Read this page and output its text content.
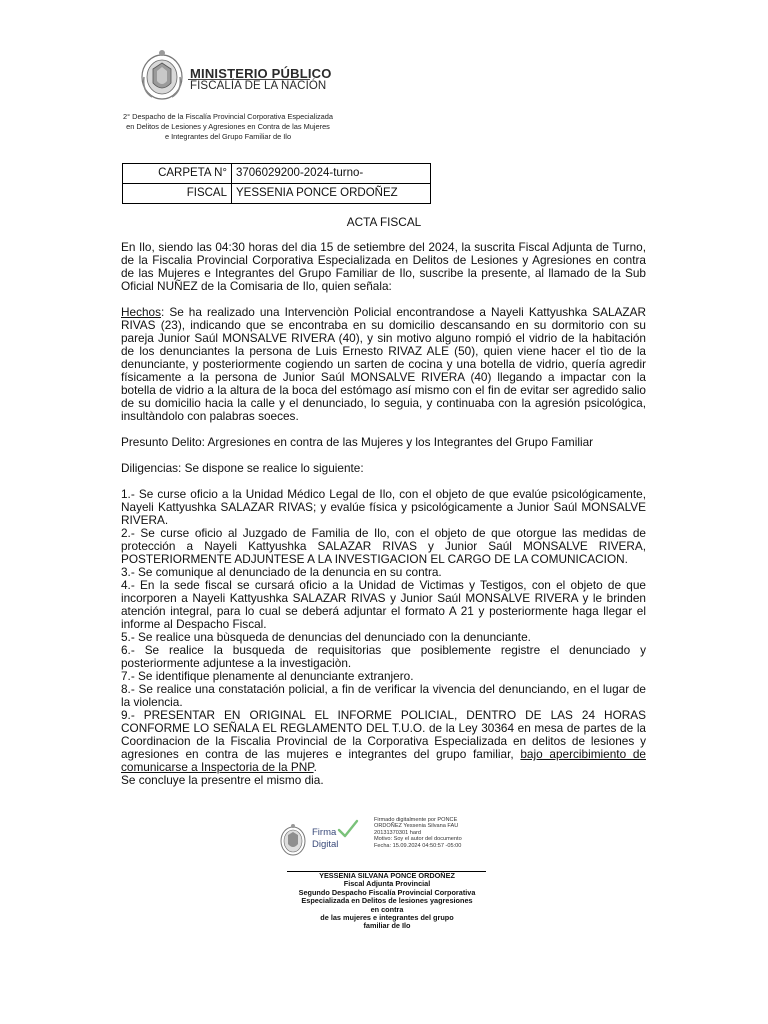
MINISTERIO PÚBLICO
FISCALÍA DE LA NACIÓN
2° Despacho de la Fiscalía Provincial Corporativa Especializada
en Delitos de Lesiones y Agresiones en Contra de las Mujeres
e Integrantes del Grupo Familiar de Ilo
CARPETA N°	3706029200-2024-turno-
FISCAL	YESSENIA PONCE ORDOÑEZ
ACTA FISCAL

En Ilo, siendo las 04:30 horas del dia 15 de setiembre del 2024, la suscrita Fiscal Adjunta de Turno, de la Fiscalia Provincial Corporativa Especializada en Delitos de Lesiones y Agresiones en contra de las Mujeres e Integrantes del Grupo Familiar de Ilo, suscribe la presente, al llamado de la Sub Oficial NUÑEZ de la Comisaria de Ilo, quien señala:

Hechos: Se ha realizado una Intervenciòn Policial encontrandose a Nayeli Kattyushka SALAZAR RIVAS (23), indicando que se encontraba en su domicilio descansando en su dormitorio con su pareja Junior Saúl MONSALVE RIVERA (40), y sin motivo alguno rompió el vidrio de la habitación de los denunciantes la persona de Luis Ernesto RIVAZ ALE (50), quien viene hacer el tìo de la denunciante, y posteriormente cogiendo un sarten de cocina y una botella de vidrio, quería agredir físicamente a la persona de Junior Saúl MONSALVE RIVERA (40) llegando a impactar con la botella de vidrio a la altura de la boca del estómago así mismo con el fin de evitar ser agredido salio de su domicilio hacia la calle y el denunciado, lo seguia, y continuaba con la agresión psicológica, insultàndolo con palabras soeces.

Presunto Delito: Argresiones en contra de las Mujeres y los Integrantes del Grupo Familiar

Diligencias: Se dispone se realice lo siguiente:

1.- Se curse oficio a la Unidad Médico Legal de Ilo, con el objeto de que evalúe psicológicamente, Nayeli Kattyushka SALAZAR RIVAS; y evalúe física y psicológicamente a Junior Saúl MONSALVE RIVERA.

2.- Se curse oficio al Juzgado de Familia de Ilo, con el objeto de que otorgue las medidas de protección a Nayeli Kattyushka SALAZAR RIVAS y Junior Saúl MONSALVE RIVERA, POSTERIORMENTE ADJUNTESE A LA INVESTIGACION EL CARGO DE LA COMUNICACION.

3.- Se comunique al denunciado de la denuncia en su contra.

4.- En la sede fiscal se cursará oficio a la Unidad de Victimas y Testigos, con el objeto de que incorporen a Nayeli Kattyushka SALAZAR RIVAS y Junior Saúl MONSALVE RIVERA y le brinden atención integral, para lo cual se deberá adjuntar el formato A 21 y posteriormente haga llegar el informe al Despacho Fiscal.

5.- Se realice una bùsqueda de denuncias del denunciado con la denunciante.

6.- Se realice la busqueda de requisitorias que posiblemente registre el denunciado y posteriormente adjuntese a la investigaciòn.

7.- Se identifique plenamente al denunciante extranjero.

8.- Se realice una constatación policial, a fin de verificar la vivencia del denunciando, en el lugar de la violencia.

9.- PRESENTAR EN ORIGINAL EL INFORME POLICIAL, DENTRO DE LAS 24 HORAS CONFORME LO SEÑALA EL REGLAMENTO DEL T.U.O. de la Ley 30364 en mesa de partes de la Coordinacion de la Fiscalia Provincial de la Corporativa Especializada en delitos de lesiones y agresiones en contra de las mujeres e integrantes del grupo familiar, bajo apercibimiento de comunicarse a Inspectoria de la PNP.

Se concluye la presentre el mismo dia.

Firma
Digital
Firmado digitalmente por PONCE
ORDOÑEZ Yessenia Silvana FAU
20131370301 hard
Motivo: Soy el autor del documento
Fecha: 15.09.2024 04:50:57 -05:00
YESSENIA SILVANA PONCE ORDOÑEZ
Fiscal Adjunta Provincial
Segundo Despacho Fiscalía Provincial Corporativa
Especializada en Delitos de lesiones yagresiones
en contra
de las mujeres e integrantes del grupo
familiar de Ilo
